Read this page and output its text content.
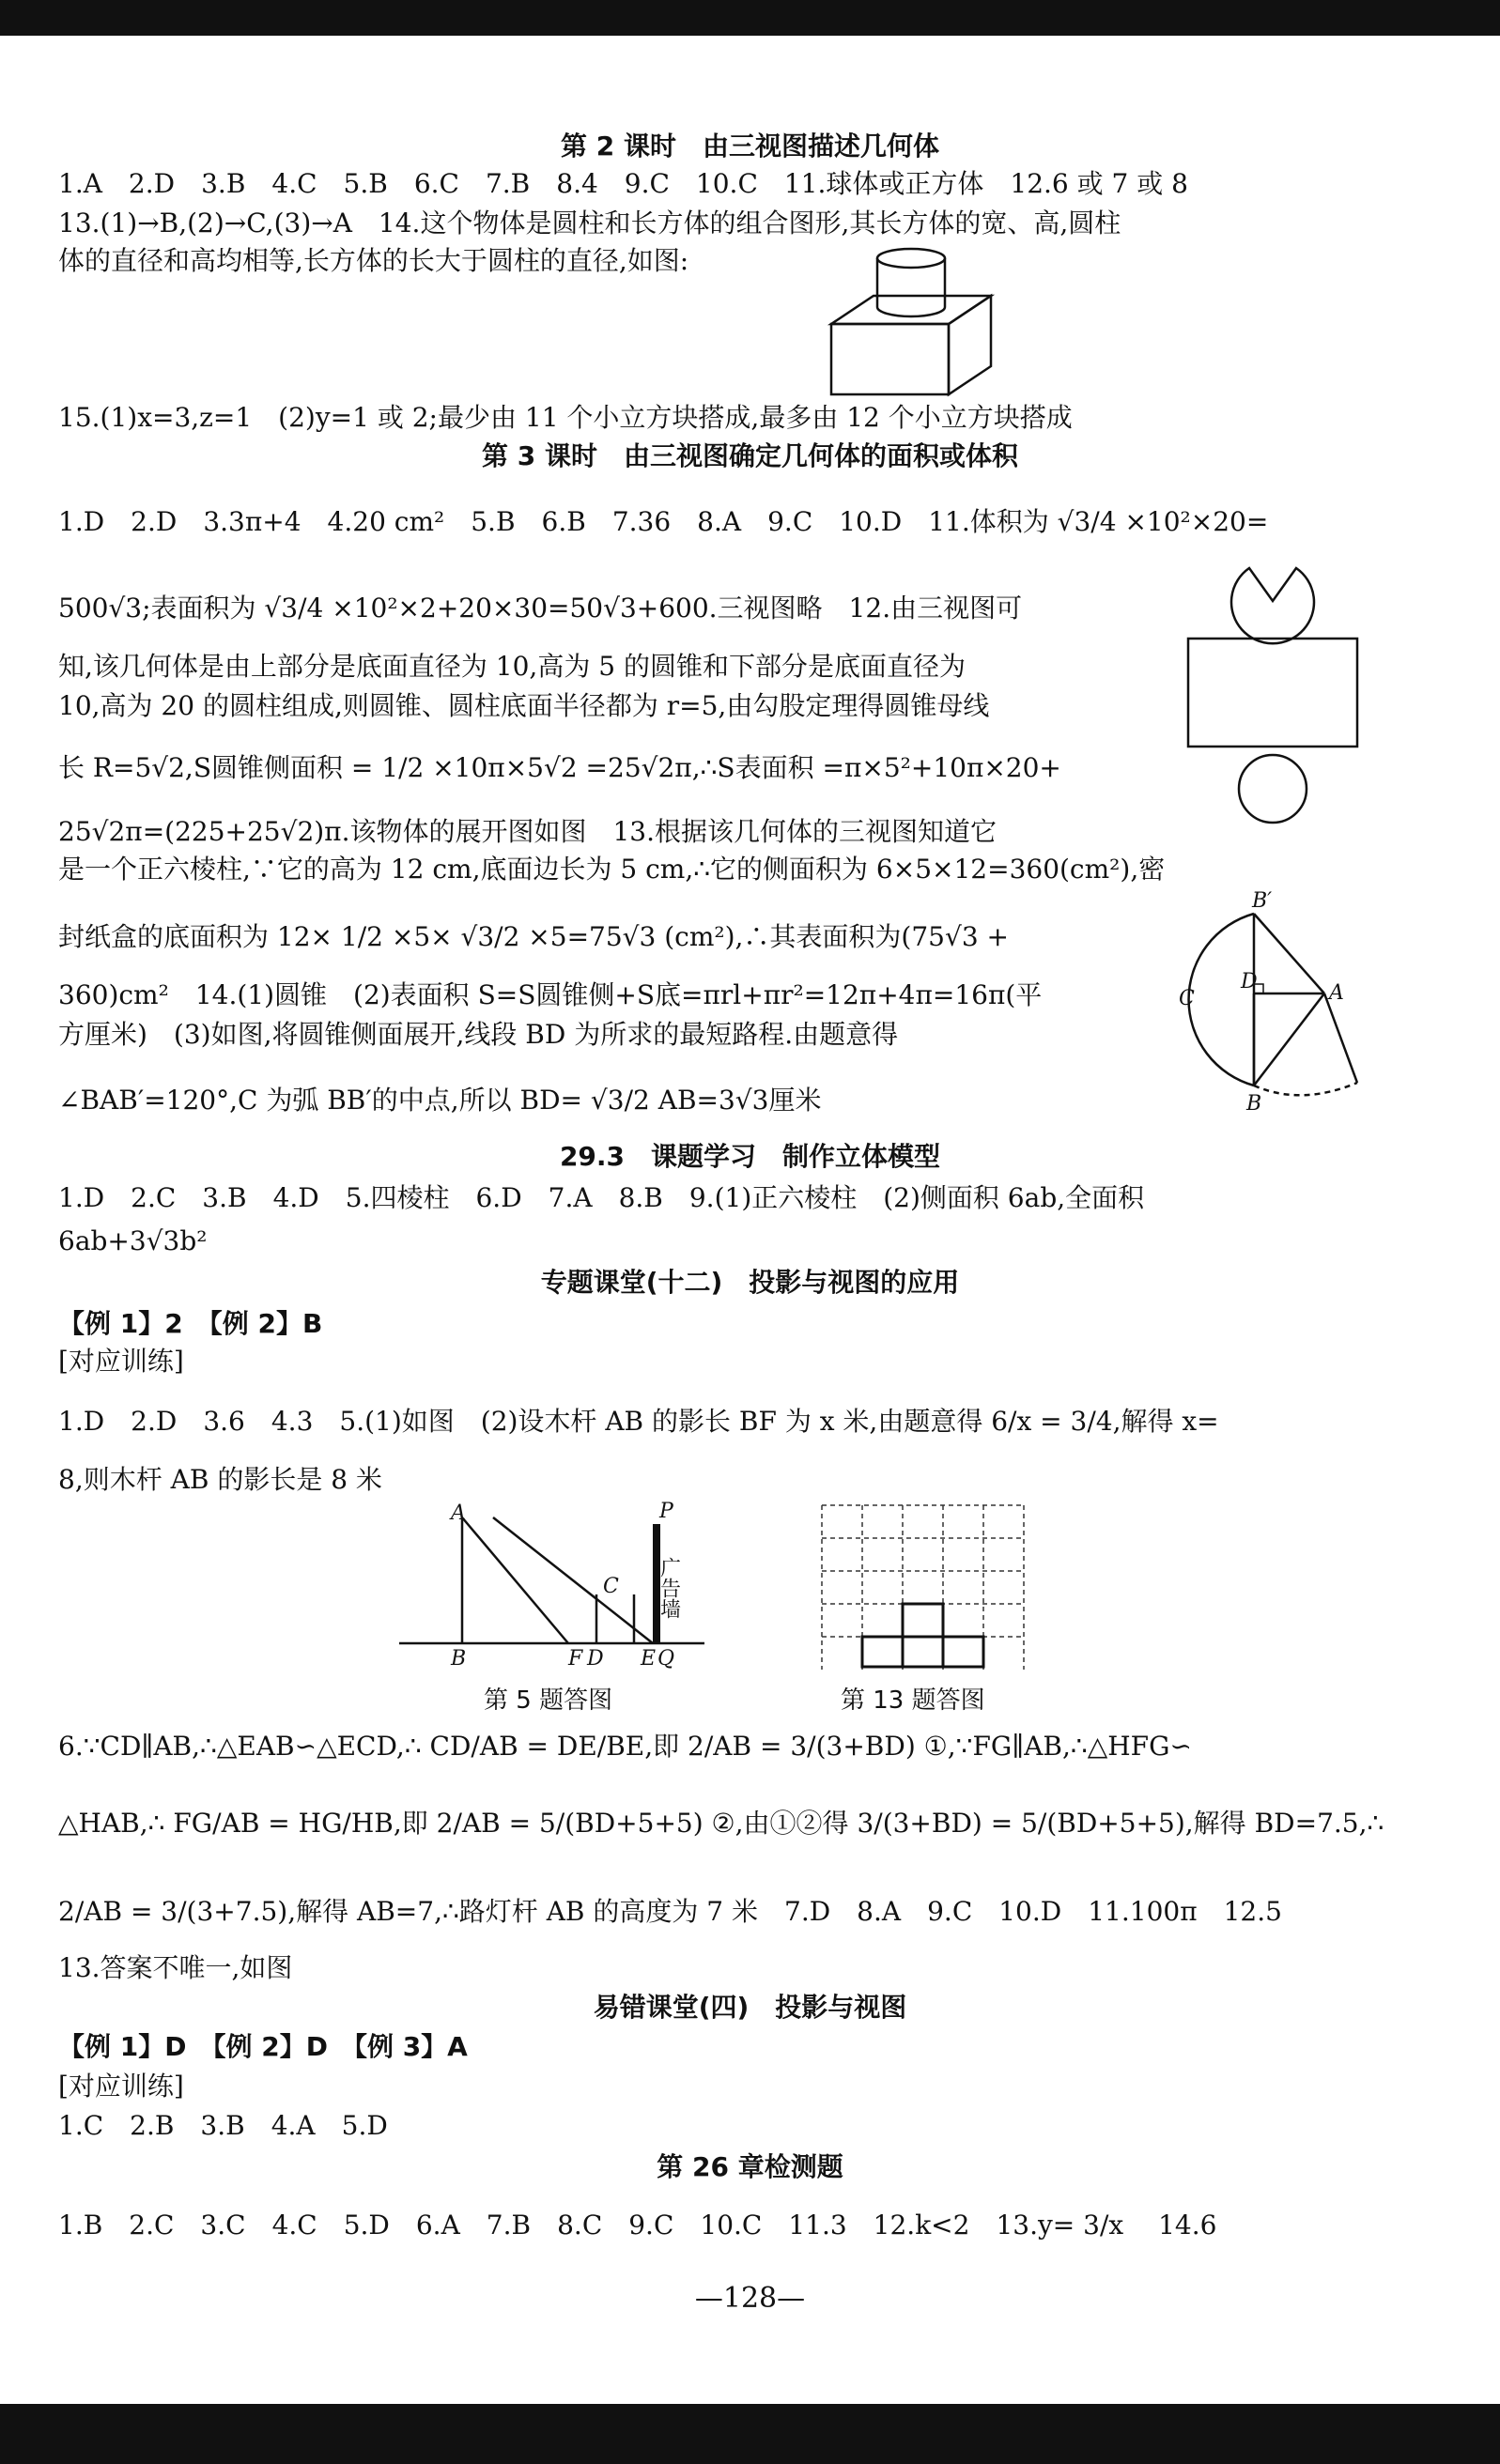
第 2 课时　由三视图描述几何体
1.A　2.D　3.B　4.C　5.B　6.C　7.B　8.4　9.C　10.C　11.球体或正方体　12.6 或 7 或 8
13.(1)→B,(2)→C,(3)→A　14.这个物体是圆柱和长方体的组合图形,其长方体的宽、高,圆柱
体的直径和高均相等,长方体的长大于圆柱的直径,如图:
15.(1)x=3,z=1　(2)y=1 或 2;最少由 11 个小立方块搭成,最多由 12 个小立方块搭成
第 3 课时　由三视图确定几何体的面积或体积
1.D　2.D　3.3π+4　4.20 cm²　5.B　6.B　7.36　8.A　9.C　10.D　11.体积为 √3/4 ×10²×20=
500√3;表面积为 √3/4 ×10²×2+20×30=50√3+600.三视图略　12.由三视图可
知,该几何体是由上部分是底面直径为 10,高为 5 的圆锥和下部分是底面直径为
10,高为 20 的圆柱组成,则圆锥、圆柱底面半径都为 r=5,由勾股定理得圆锥母线
长 R=5√2,S圆锥侧面积 = 1/2 ×10π×5√2 =25√2π,∴S表面积 =π×5²+10π×20+
25√2π=(225+25√2)π.该物体的展开图如图　13.根据该几何体的三视图知道它
是一个正六棱柱,∵它的高为 12 cm,底面边长为 5 cm,∴它的侧面积为 6×5×12=360(cm²),密
封纸盒的底面积为 12× 1/2 ×5× √3/2 ×5=75√3 (cm²),∴其表面积为(75√3 +
360)cm²　14.(1)圆锥　(2)表面积 S=S圆锥侧+S底=πrl+πr²=12π+4π=16π(平
方厘米)　(3)如图,将圆锥侧面展开,线段 BD 为所求的最短路程.由题意得
∠BAB′=120°,C 为弧 BB′的中点,所以 BD= √3/2 AB=3√3厘米
B′
C
D	A
B
29.3　课题学习　制作立体模型
1.D　2.C　3.B　4.D　5.四棱柱　6.D　7.A　8.B　9.(1)正六棱柱　(2)侧面积 6ab,全面积
6ab+3√3b²
专题课堂(十二)　投影与视图的应用
【例 1】2　【例 2】B
[对应训练]
1.D　2.D　3.6　4.3　5.(1)如图　(2)设木杆 AB 的影长 BF 为 x 米,由题意得 6/x = 3/4,解得 x=
8,则木杆 AB 的影长是 8 米
A
B
C
F D E Q
P
广告墙
第 5 题答图	第 13 题答图
6.∵CD∥AB,∴△EAB∽△ECD,∴ CD/AB = DE/BE,即 2/AB = 3/(3+BD) ①,∵FG∥AB,∴△HFG∽
△HAB,∴ FG/AB = HG/HB,即 2/AB = 5/(BD+5+5) ②,由①②得 3/(3+BD) = 5/(BD+5+5),解得 BD=7.5,∴
2/AB = 3/(3+7.5),解得 AB=7,∴路灯杆 AB 的高度为 7 米　7.D　8.A　9.C　10.D　11.100π　12.5
13.答案不唯一,如图
易错课堂(四)　投影与视图
【例 1】D　【例 2】D　【例 3】A
[对应训练]
1.C　2.B　3.B　4.A　5.D
第 26 章检测题
1.B　2.C　3.C　4.C　5.D　6.A　7.B　8.C　9.C　10.C　11.3　12.k<2　13.y= 3/x 　14.6
—128—
